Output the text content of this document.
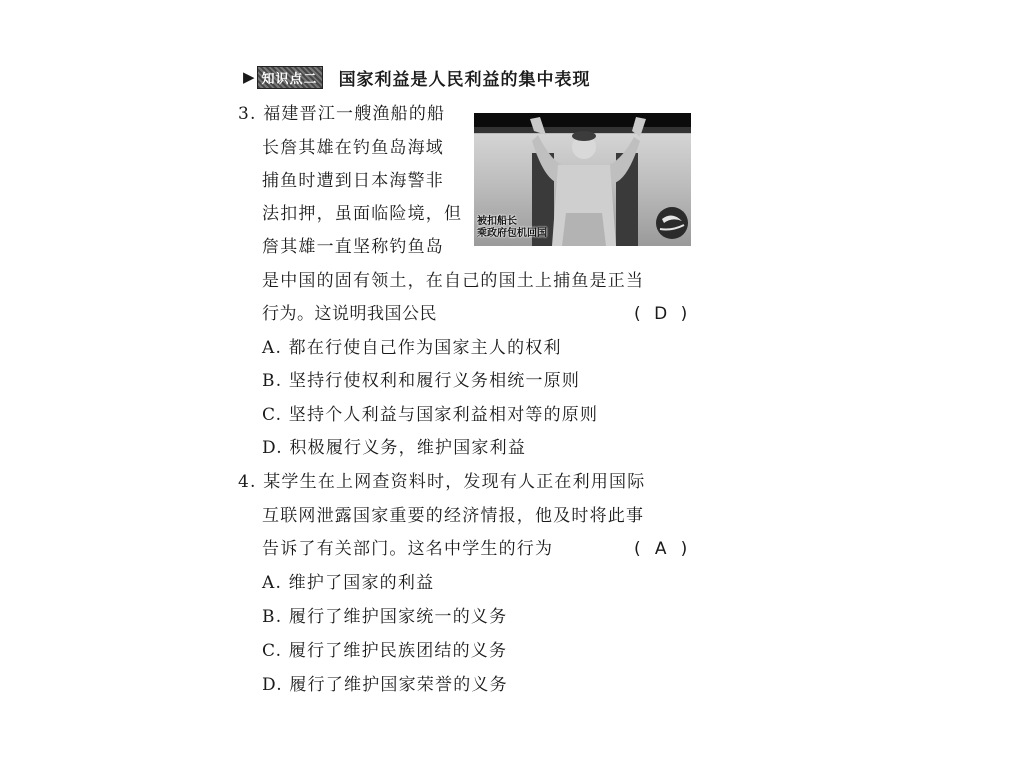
▶ 知识点二 国家利益是人民利益的集中表现
3. 福建晋江一艘渔船的船
长詹其雄在钓鱼岛海域
捕鱼时遭到日本海警非
法扣押，虽面临险境，但
詹其雄一直坚称钓鱼岛
是中国的固有领土，在自己的国土上捕鱼是正当
行为。这说明我国公民	( D )
被扣船长
乘政府包机回国
A. 都在行使自己作为国家主人的权利
B. 坚持行使权利和履行义务相统一原则
C. 坚持个人利益与国家利益相对等的原则
D. 积极履行义务，维护国家利益
4. 某学生在上网查资料时，发现有人正在利用国际
互联网泄露国家重要的经济情报，他及时将此事
告诉了有关部门。这名中学生的行为	( A )
A. 维护了国家的利益
B. 履行了维护国家统一的义务
C. 履行了维护民族团结的义务
D. 履行了维护国家荣誉的义务
